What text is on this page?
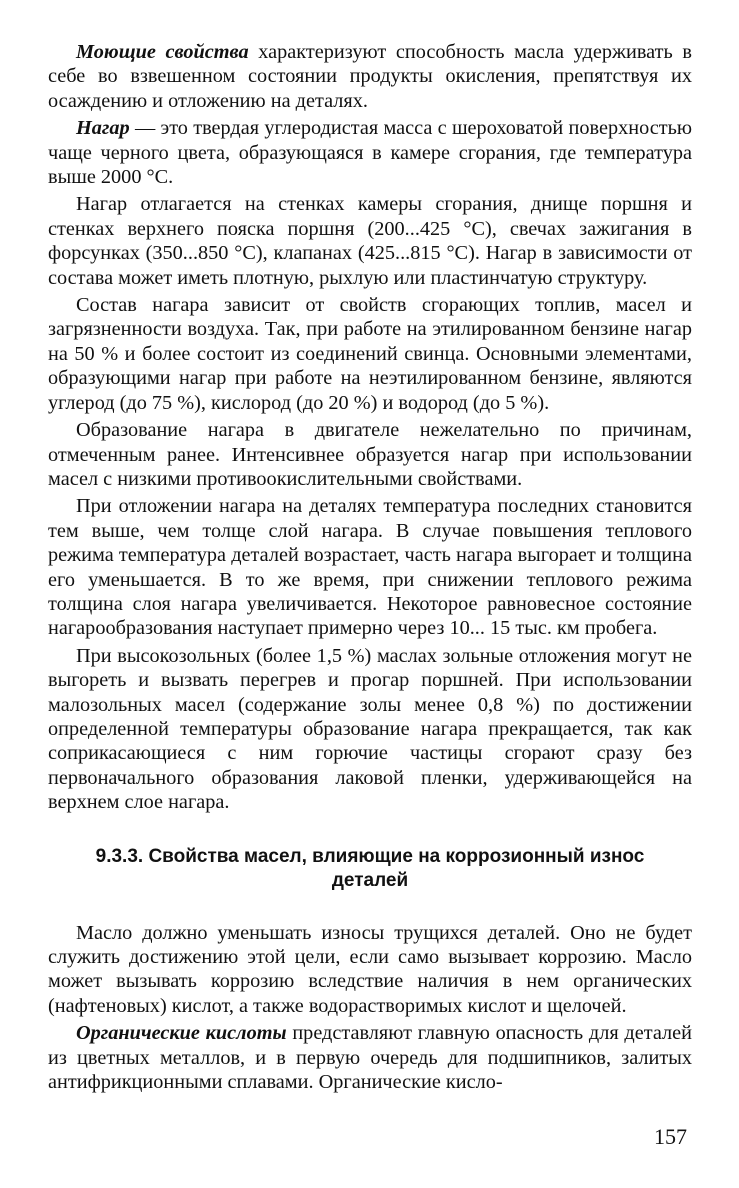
Моющие свойства характеризуют способность масла удерживать в себе во взвешенном состоянии продукты окисления, препятствуя их осаждению и отложению на деталях.

Нагар — это твердая углеродистая масса с шероховатой поверхностью чаще черного цвета, образующаяся в камере сгорания, где температура выше 2000 °С.

Нагар отлагается на стенках камеры сгорания, днище поршня и стенках верхнего пояска поршня (200...425 °С), свечах зажигания в форсунках (350...850 °С), клапанах (425...815 °С). Нагар в зависимости от состава может иметь плотную, рыхлую или пластинчатую структуру.

Состав нагара зависит от свойств сгорающих топлив, масел и загрязненности воздуха. Так, при работе на этилированном бензине нагар на 50 % и более состоит из соединений свинца. Основными элементами, образующими нагар при работе на неэтилированном бензине, являются углерод (до 75 %), кислород (до 20 %) и водород (до 5 %).

Образование нагара в двигателе нежелательно по причинам, отмеченным ранее. Интенсивнее образуется нагар при использовании масел с низкими противоокислительными свойствами.

При отложении нагара на деталях температура последних становится тем выше, чем толще слой нагара. В случае повышения теплового режима температура деталей возрастает, часть нагара выгорает и толщина его уменьшается. В то же время, при снижении теплового режима толщина слоя нагара увеличивается. Некоторое равновесное состояние нагарообразования наступает примерно через 10... 15 тыс. км пробега.

При высокозольных (более 1,5 %) маслах зольные отложения могут не выгореть и вызвать перегрев и прогар поршней. При использовании малозольных масел (содержание золы менее 0,8 %) по достижении определенной температуры образование нагара прекращается, так как соприкасающиеся с ним горючие частицы сгорают сразу без первоначального образования лаковой пленки, удерживающейся на верхнем слое нагара.

9.3.3. Свойства масел, влияющие на коррозионный износ
деталей

Масло должно уменьшать износы трущихся деталей. Оно не будет служить достижению этой цели, если само вызывает коррозию. Масло может вызывать коррозию вследствие наличия в нем органических (нафтеновых) кислот, а также водорастворимых кислот и щелочей.

Органические кислоты представляют главную опасность для деталей из цветных металлов, и в первую очередь для подшипников, залитых антифрикционными сплавами. Органические кисло-

157
